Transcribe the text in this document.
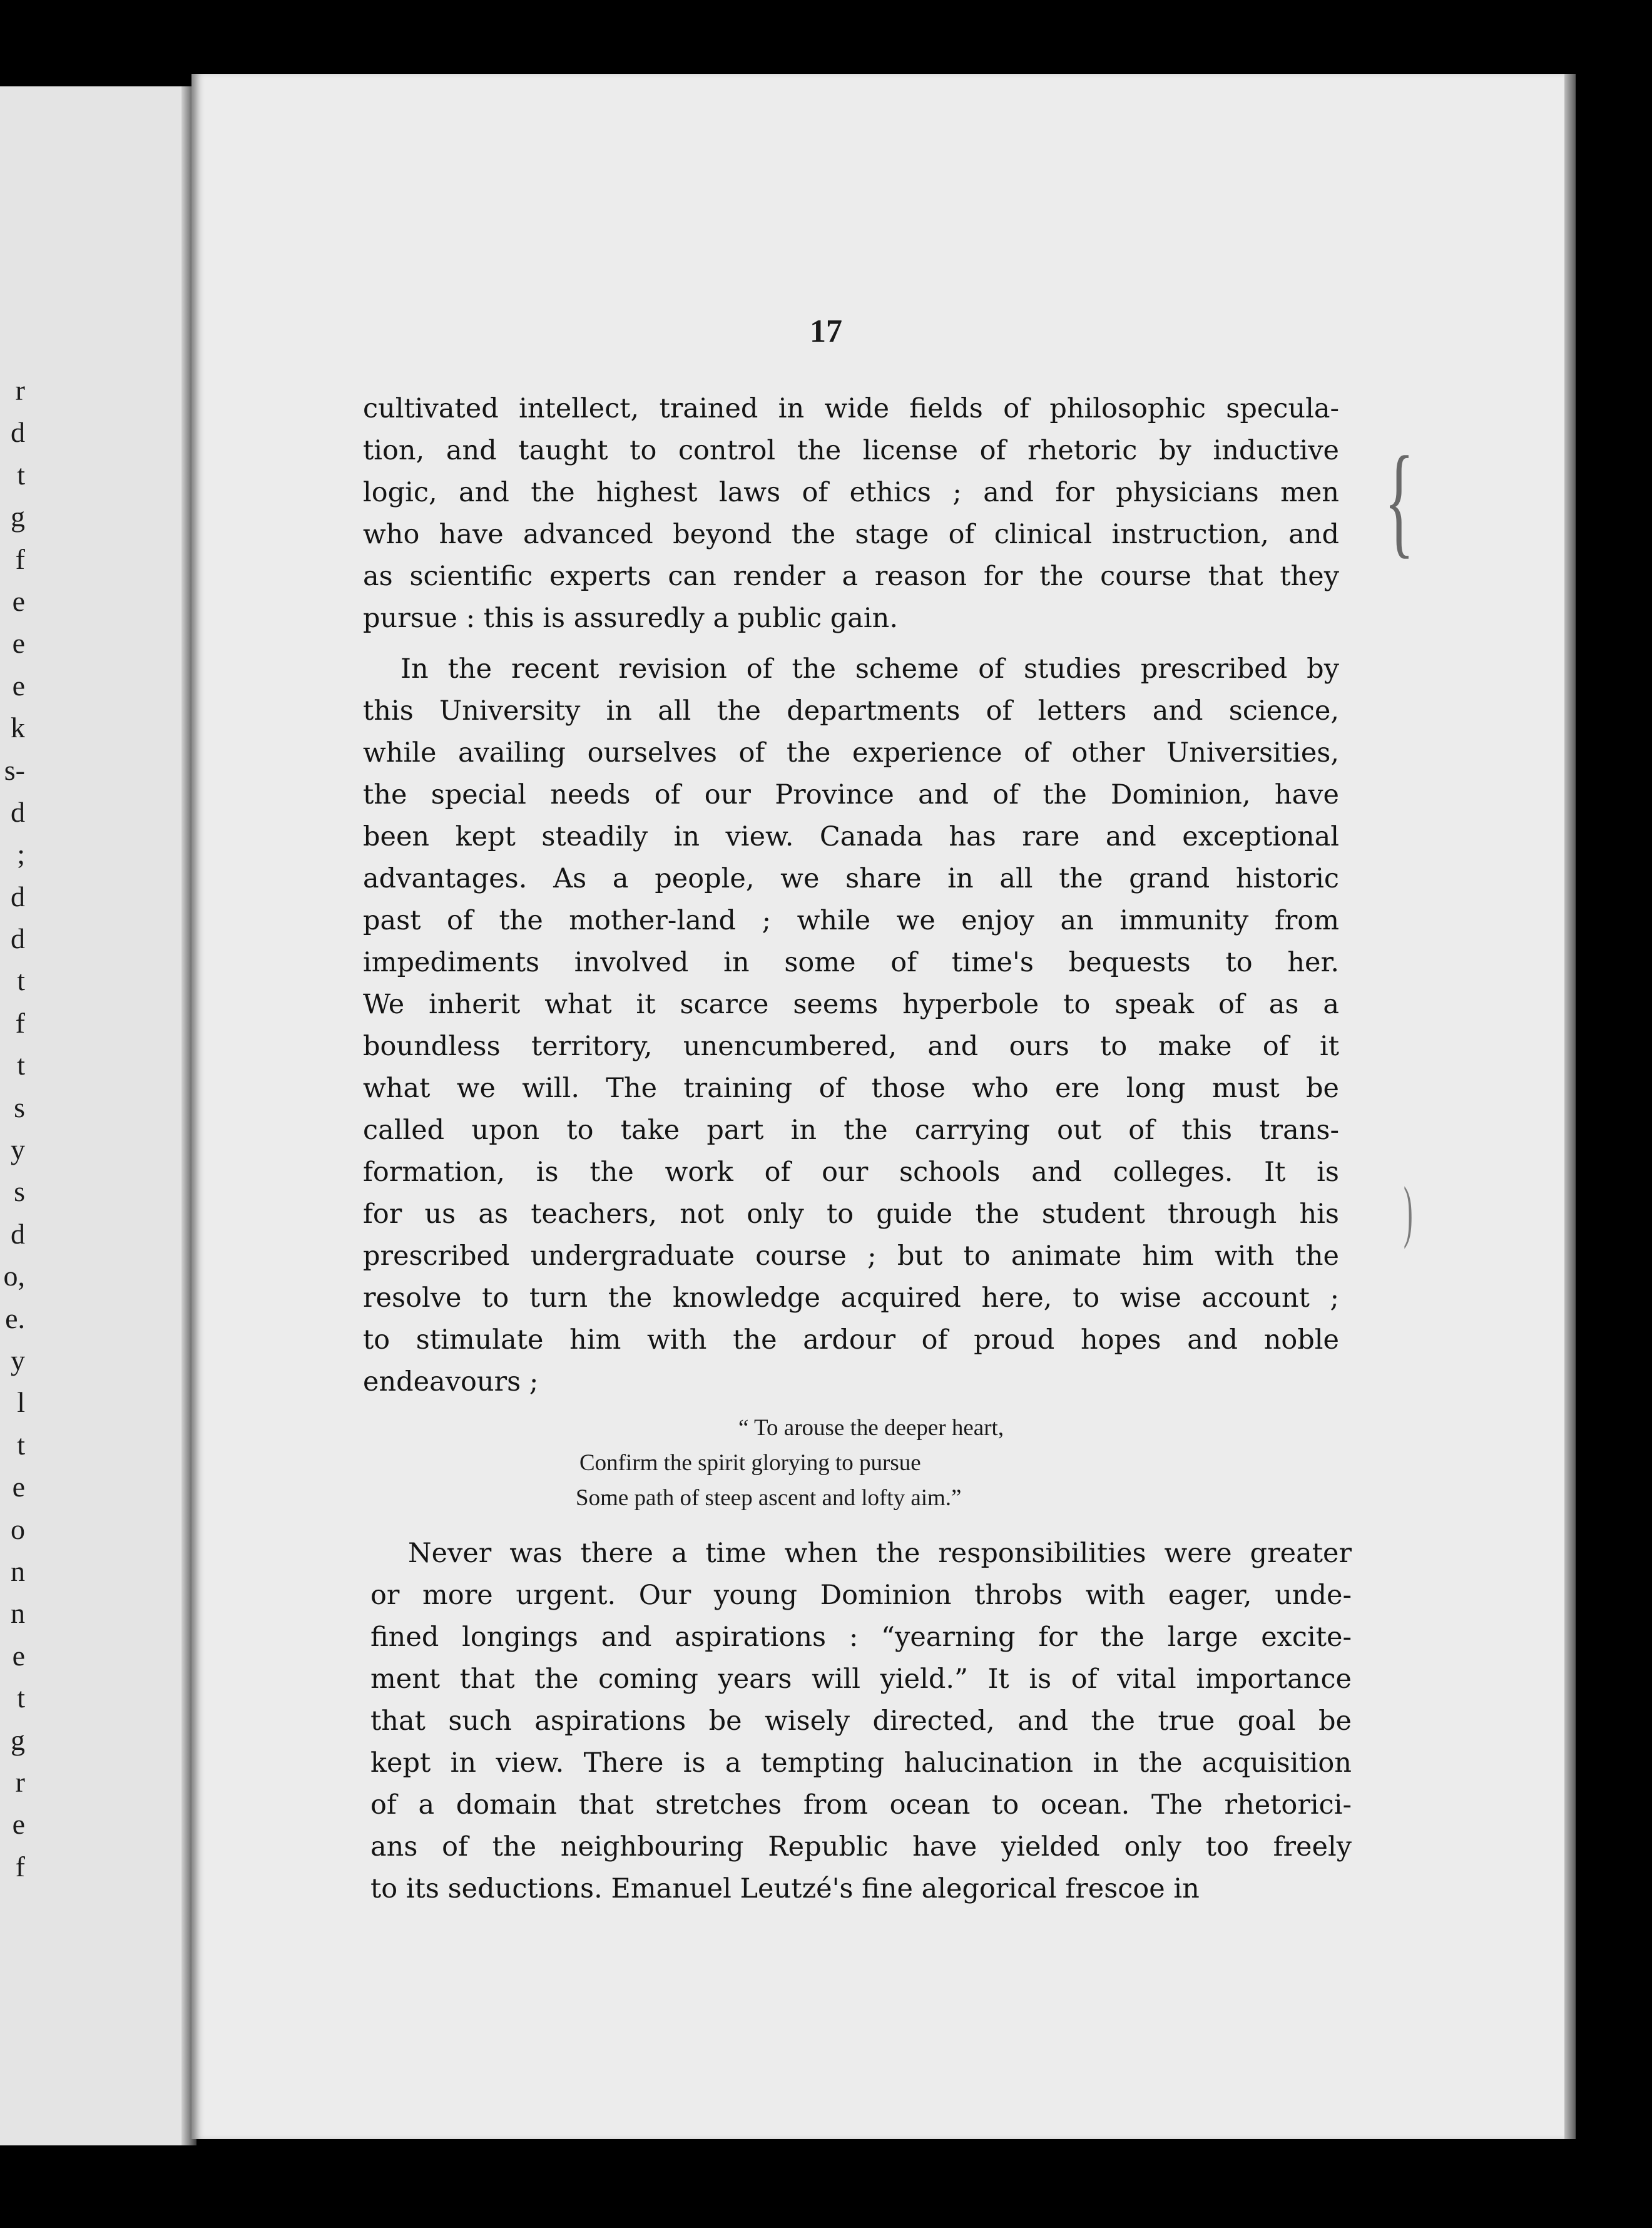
r
d
t
g
f
e
e
e
k
s-
d
;
d
d
t
f
t
s
y
s
d
o,
e.
y
l
t
e
o
n
n
e
t
g
r
e
f
17
cultivated intellect, trained in wide fields of philosophic specula-
tion, and taught to control the license of rhetoric by inductive
logic, and the highest laws of ethics ; and for physicians men
who have advanced beyond the stage of clinical instruction, and
as scientific experts can render a reason for the course that they
pursue : this is assuredly a public gain.
In the recent revision of the scheme of studies prescribed by
this University in all the departments of letters and science,
while availing ourselves of the experience of other Universities,
the special needs of our Province and of the Dominion, have
been kept steadily in view. Canada has rare and exceptional
advantages. As a people, we share in all the grand historic
past of the mother-land ; while we enjoy an immunity from
impediments involved in some of time's bequests to her.
We inherit what it scarce seems hyperbole to speak of as a
boundless territory, unencumbered, and ours to make of it
what we will. The training of those who ere long must be
called upon to take part in the carrying out of this trans-
formation, is the work of our schools and colleges. It is
for us as teachers, not only to guide the student through his
prescribed undergraduate course ; but to animate him with the
resolve to turn the knowledge acquired here, to wise account ;
to stimulate him with the ardour of proud hopes and noble
endeavours ;
“ To arouse the deeper heart,
Confirm the spirit glorying to pursue
Some path of steep ascent and lofty aim.”
Never was there a time when the responsibilities were greater
or more urgent. Our young Dominion throbs with eager, unde-
fined longings and aspirations : “yearning for the large excite-
ment that the coming years will yield.” It is of vital importance
that such aspirations be wisely directed, and the true goal be
kept in view. There is a tempting halucination in the acquisition
of a domain that stretches from ocean to ocean. The rhetorici-
ans of the neighbouring Republic have yielded only too freely
to its seductions. Emanuel Leutzé's fine alegorical frescoe in
{
)
